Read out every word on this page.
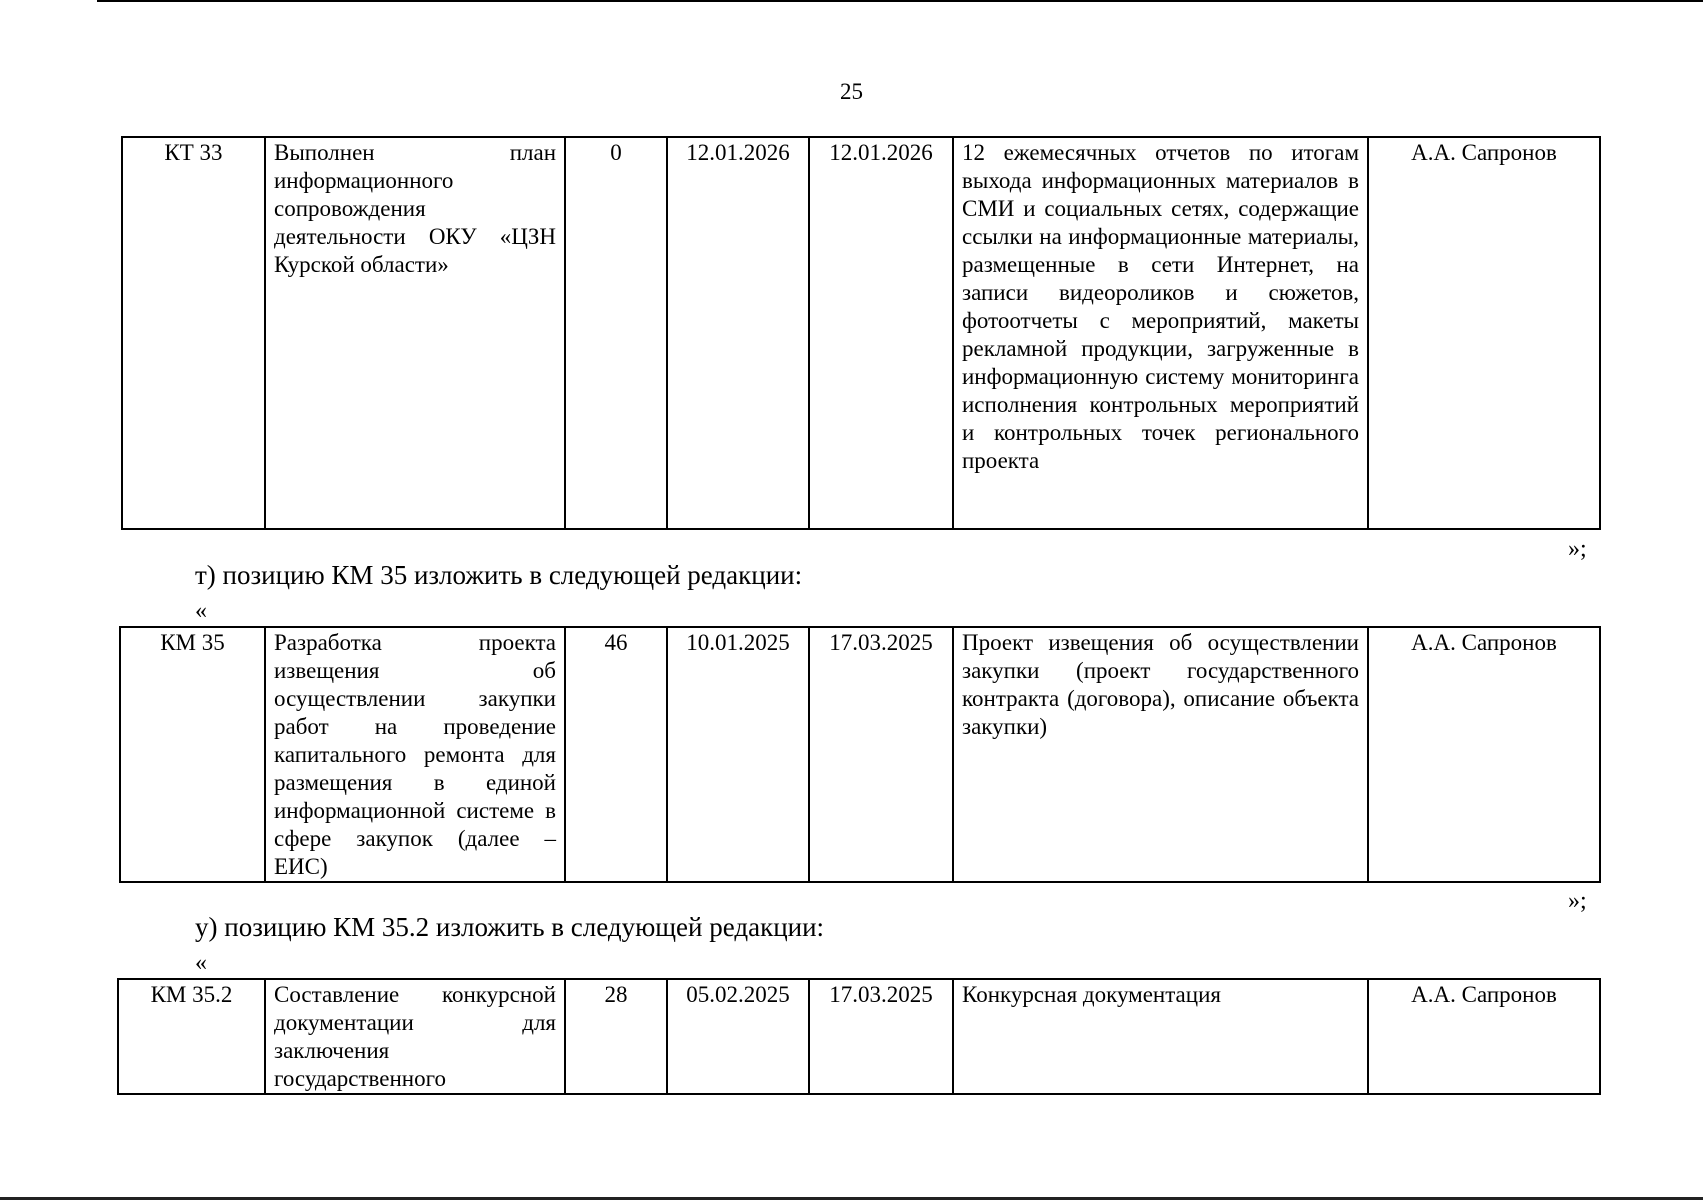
25
КТ 33	Выполнен план информационного сопровождения деятельности ОКУ «ЦЗН Курской области»	0	12.01.2026	12.01.2026	12 ежемесячных отчетов по итогам выхода информационных материалов в СМИ и социальных сетях, содержащие ссылки на информационные материалы, размещенные в сети Интернет, на записи видеороликов и сюжетов, фотоотчеты с мероприятий, макеты рекламной продукции, загруженные в информационную систему мониторинга исполнения контрольных мероприятий и контрольных точек регионального проекта	А.А. Сапронов
»;
т) позицию КМ 35 изложить в следующей редакции:
«
КМ 35	Разработка проекта извещения об осуществлении закупки работ на проведение капитального ремонта для размещения в единой информационной системе в сфере закупок (далее – ЕИС)	46	10.01.2025	17.03.2025	Проект извещения об осуществлении закупки (проект государственного контракта (договора), описание объекта закупки)	А.А. Сапронов
»;
у) позицию КМ 35.2 изложить в следующей редакции:
«
КМ 35.2	Составление конкурсной документации для заключения государственного	28	05.02.2025	17.03.2025	Конкурсная документация	А.А. Сапронов
